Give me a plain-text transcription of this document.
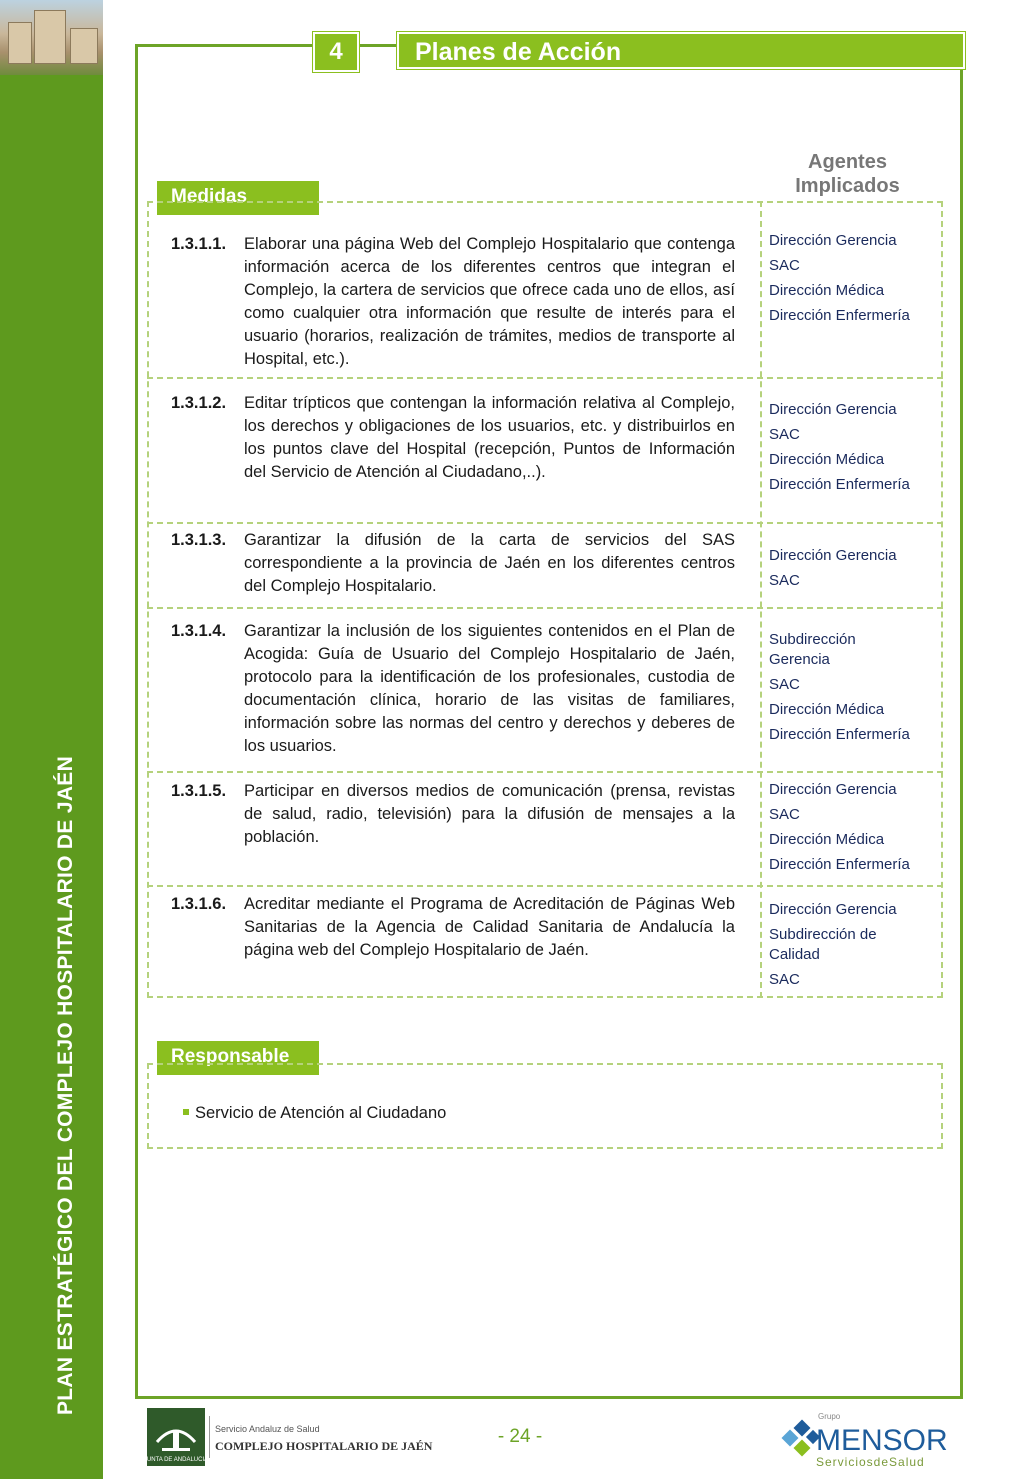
PLAN ESTRATÉGICO DEL COMPLEJO HOSPITALARIO DE JAÉN
4	Planes de Acción
Medidas
Agentes
Implicados
1.3.1.1. Elaborar una página Web del Complejo Hospitalario que contenga información acerca de los diferentes centros que integran el Complejo, la cartera de servicios que ofrece cada uno de ellos, así como cualquier otra información que resulte de interés para el usuario (horarios, realización de trámites, medios de transporte al Hospital, etc.).
Dirección Gerencia
SAC
Dirección Médica
Dirección Enfermería
1.3.1.2. Editar trípticos que contengan la información relativa al Complejo, los derechos y obligaciones de los usuarios, etc. y distribuirlos en los puntos clave del Hospital (recepción, Puntos de Información del Servicio de Atención al Ciudadano,..).
Dirección Gerencia
SAC
Dirección Médica
Dirección Enfermería
1.3.1.3. Garantizar la difusión de la carta de servicios del SAS correspondiente a la provincia de Jaén en los diferentes centros del Complejo Hospitalario.
Dirección Gerencia
SAC
1.3.1.4. Garantizar la inclusión de los siguientes contenidos en el Plan de Acogida: Guía de Usuario del Complejo Hospitalario de Jaén, protocolo para la identificación de los profesionales, custodia de documentación clínica, horario de las visitas de familiares, información sobre las normas del centro y derechos y deberes de los usuarios.
Subdirección Gerencia
SAC
Dirección Médica
Dirección Enfermería
1.3.1.5. Participar en diversos medios de comunicación (prensa, revistas de salud, radio, televisión) para la difusión de mensajes a la población.
Dirección Gerencia
SAC
Dirección Médica
Dirección Enfermería
1.3.1.6. Acreditar mediante el Programa de Acreditación de Páginas Web Sanitarias de la Agencia de Calidad Sanitaria de Andalucía la página web del Complejo Hospitalario de Jaén.
Dirección Gerencia
Subdirección de Calidad
SAC
Responsable
Servicio de Atención al Ciudadano
JUNTA DE ANDALUCIA
Servicio Andaluz de Salud
COMPLEJO HOSPITALARIO DE JAÉN	- 24 -
Grupo
MENSOR
ServiciosdeSalud
